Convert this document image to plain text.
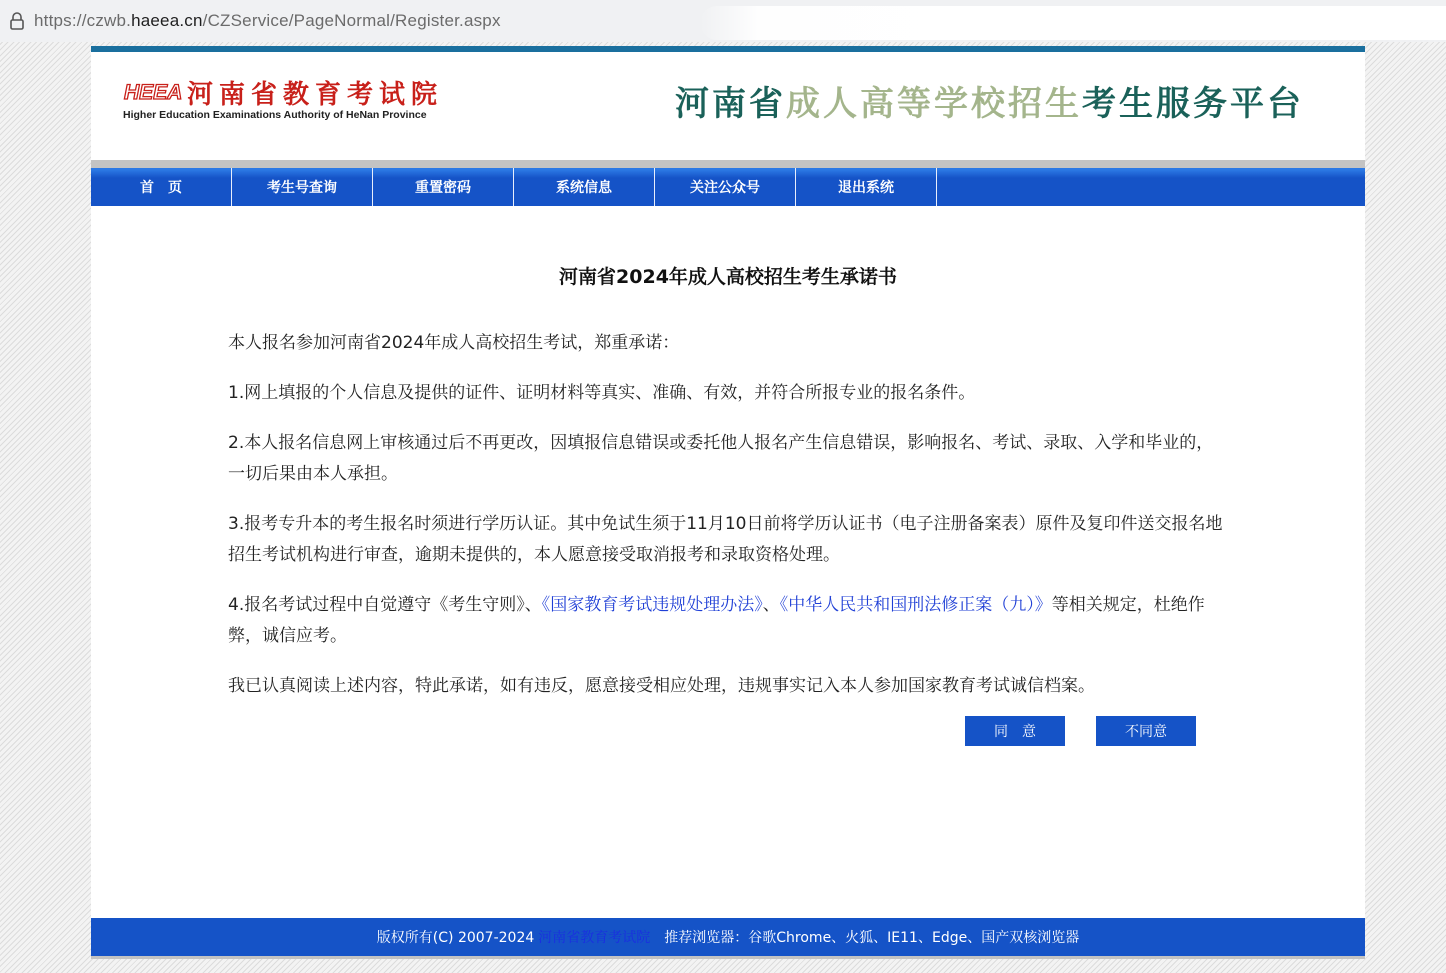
https://czwb.haeea.cn/CZService/PageNormal/Register.aspx
HEEA 河南省教育考试院
Higher Education Examinations Authority of HeNan Province	河南省成人高等学校招生考生服务平台
首　页	考生号查询	重置密码	系统信息	关注公众号	退出系统
河南省2024年成人高校招生考生承诺书

本人报名参加河南省2024年成人高校招生考试，郑重承诺：

1.网上填报的个人信息及提供的证件、证明材料等真实、准确、有效，并符合所报专业的报名条件。

2.本人报名信息网上审核通过后不再更改，因填报信息错误或委托他人报名产生信息错误，影响报名、考试、录取、入学和毕业的，一切后果由本人承担。

3.报考专升本的考生报名时须进行学历认证。其中免试生须于11月10日前将学历认证书（电子注册备案表）原件及复印件送交报名地招生考试机构进行审查，逾期未提供的，本人愿意接受取消报考和录取资格处理。

4.报名考试过程中自觉遵守《考生守则》、《国家教育考试违规处理办法》、《中华人民共和国刑法修正案（九）》等相关规定，杜绝作弊，诚信应考。

我已认真阅读上述内容，特此承诺，如有违反，愿意接受相应处理，违规事实记入本人参加国家教育考试诚信档案。

同　意	不同意
版权所有(C) 2007-2024 河南省教育考试院 推荐浏览器：谷歌Chrome、火狐、IE11、Edge、国产双核浏览器
